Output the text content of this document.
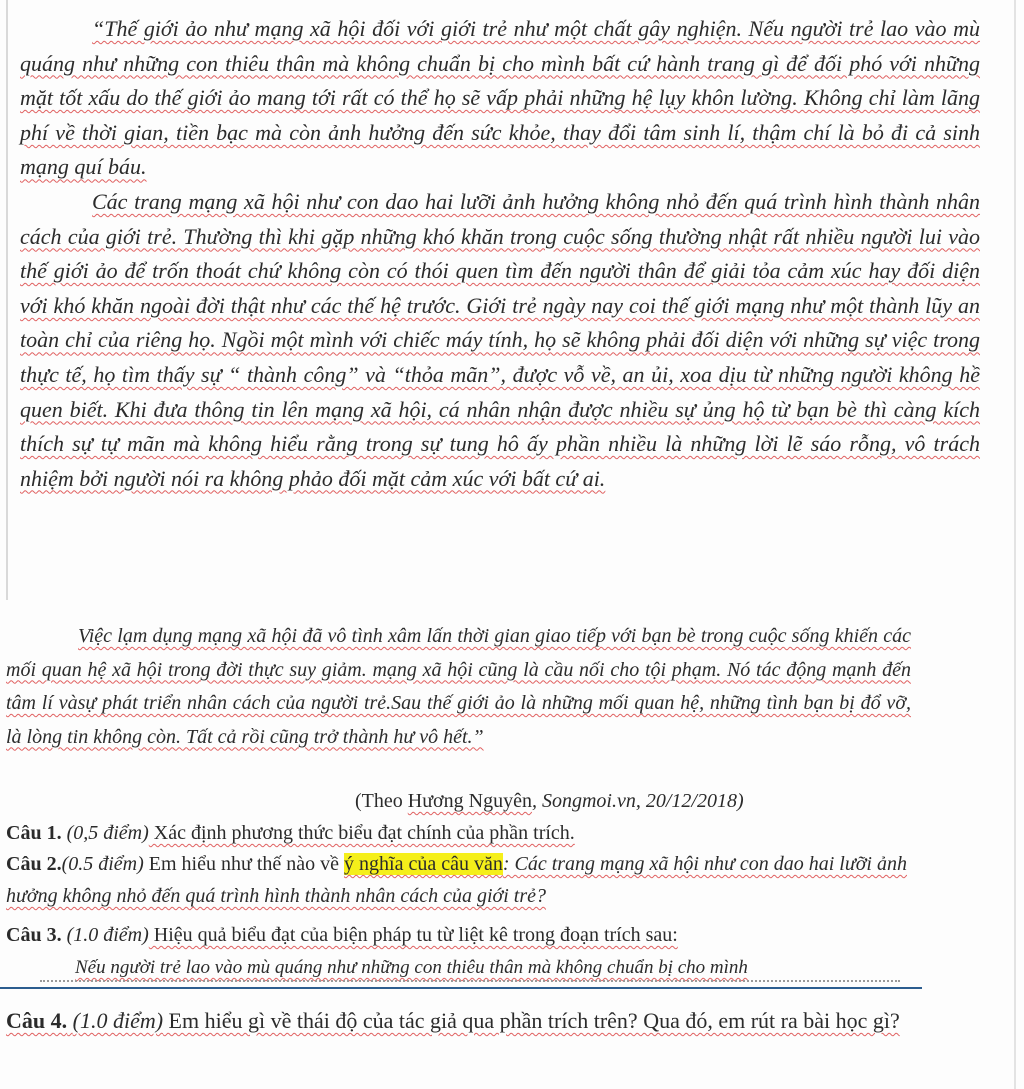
“Thế giới ảo như mạng xã hội đối với giới trẻ như một chất gây nghiện. Nếu người trẻ lao vào mù quáng như những con thiêu thân mà không chuẩn bị cho mình bất cứ hành trang gì để đối phó với những mặt tốt xấu do thế giới ảo mang tới rất có thể họ sẽ vấp phải những hệ lụy khôn lường. Không chỉ làm lãng phí về thời gian, tiền bạc mà còn ảnh hưởng đến sức khỏe, thay đổi tâm sinh lí, thậm chí là bỏ đi cả sinh mạng quí báu.

Các trang mạng xã hội như con dao hai lưỡi ảnh hưởng không nhỏ đến quá trình hình thành nhân cách của giới trẻ. Thường thì khi gặp những khó khăn trong cuộc sống thường nhật rất nhiều người lui vào thế giới ảo để trốn thoát chứ không còn có thói quen tìm đến người thân để giải tỏa cảm xúc hay đối diện với khó khăn ngoài đời thật như các thế hệ trước. Giới trẻ ngày nay coi thế giới mạng như một thành lũy an toàn chỉ của riêng họ. Ngồi một mình với chiếc máy tính, họ sẽ không phải đối diện với những sự việc trong thực tế, họ tìm thấy sự “ thành công” và “thỏa mãn”, được vỗ về, an ủi, xoa dịu từ những người không hề quen biết. Khi đưa thông tin lên mạng xã hội, cá nhân nhận được nhiều sự ủng hộ từ bạn bè thì càng kích thích sự tự mãn mà không hiểu rằng trong sự tung hô ấy phần nhiều là những lời lẽ sáo rỗng, vô trách nhiệm bởi người nói ra không phảo đối mặt cảm xúc với bất cứ ai.

Việc lạm dụng mạng xã hội đã vô tình xâm lấn thời gian giao tiếp với bạn bè trong cuộc sống khiến các mối quan hệ xã hội trong đời thực suy giảm. mạng xã hội cũng là cầu nối cho tội phạm. Nó tác động mạnh đến tâm lí vàsự phát triển nhân cách của người trẻ.Sau thế giới ảo là những mối quan hệ, những tình bạn bị đổ vỡ, là lòng tin không còn. Tất cả rồi cũng trở thành hư vô hết.”

(Theo Hương Nguyên, Songmoi.vn, 20/12/2018)
Câu 1. (0,5 điểm) Xác định phương thức biểu đạt chính của phần trích.
Câu 2.(0.5 điểm) Em hiểu như thế nào về ý nghĩa của câu văn: Các trang mạng xã hội như con dao hai lưỡi ảnh hưởng không nhỏ đến quá trình hình thành nhân cách của giới trẻ?
Câu 3. (1.0 điểm) Hiệu quả biểu đạt của biện pháp tu từ liệt kê trong đoạn trích sau:
Nếu người trẻ lao vào mù quáng như những con thiêu thân mà không chuẩn bị cho mình
Câu 4. (1.0 điểm) Em hiểu gì về thái độ của tác giả qua phần trích trên? Qua đó, em rút ra bài học gì?
